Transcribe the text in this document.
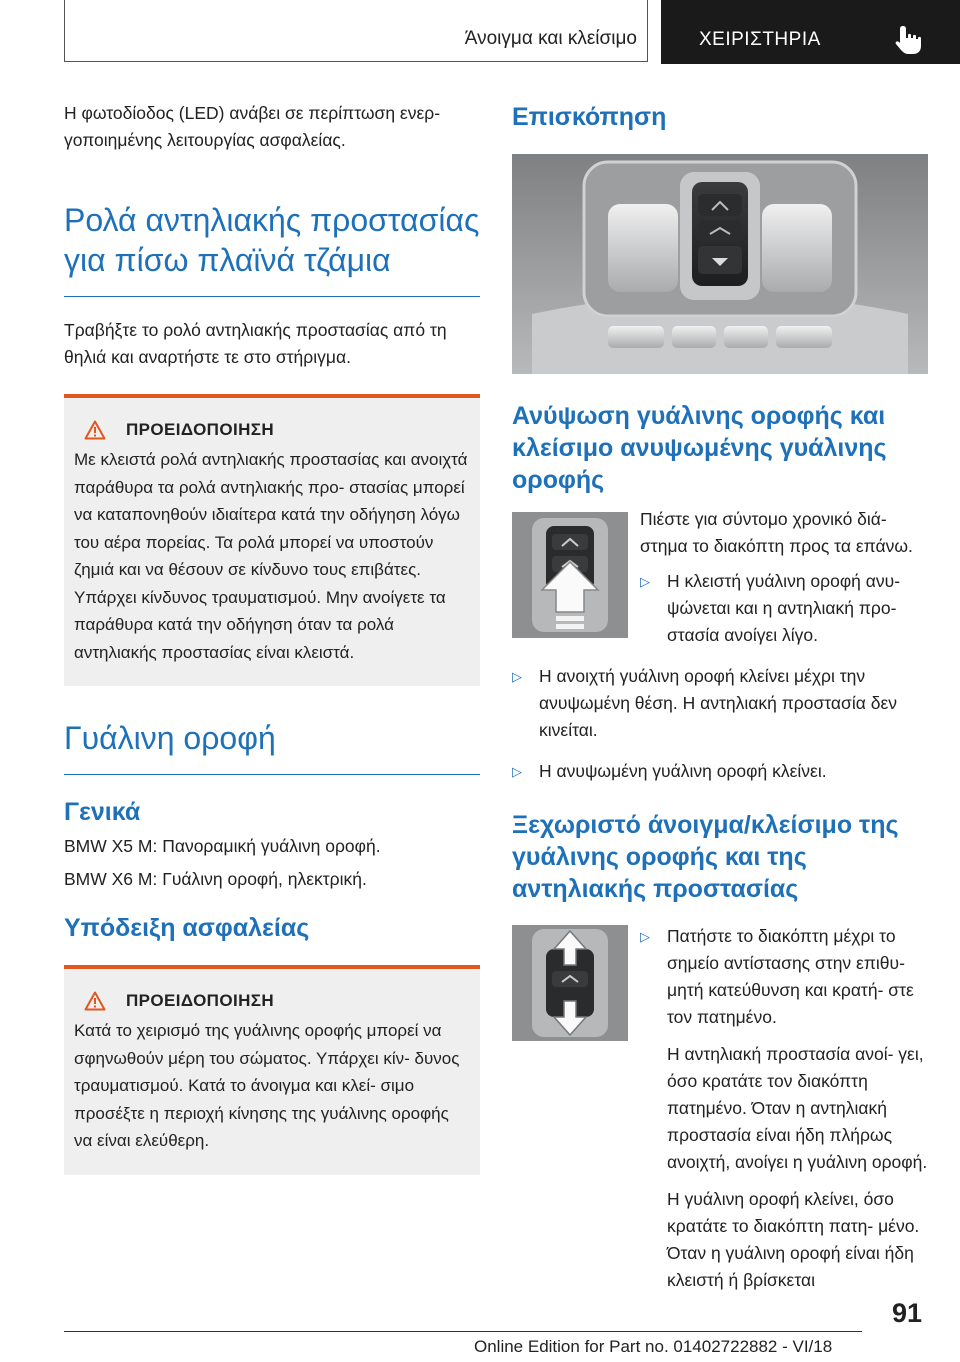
Άνοιγμα και κλείσιμο	ΧΕΙΡΙΣΤΗΡΙΑ

Η φωτοδίοδος (LED) ανάβει σε περίπτωση ενερ‐ γοποιημένης λειτουργίας ασφαλείας.

Ρολά αντηλιακής προστασίας για πίσω πλαϊνά τζάμια

Τραβήξτε το ρολό αντηλιακής προστασίας από τη θηλιά και αναρτήστε τε στο στήριγμα.

ΠΡΟΕΙΔΟΠΟΙΗΣΗ

Με κλειστά ρολά αντηλιακής προστασίας και ανοιχτά παράθυρα τα ρολά αντηλιακής προ‐ στασίας μπορεί να καταπονηθούν ιδιαίτερα κατά την οδήγηση λόγω του αέρα πορείας. Τα ρολά μπορεί να υποστούν ζημιά και να θέσουν σε κίνδυνο τους επιβάτες. Υπάρχει κίνδυνος τραυματισμού. Μην ανοίγετε τα παράθυρα κατά την οδήγηση όταν τα ρολά αντηλιακής προστασίας είναι κλειστά.

Γυάλινη οροφή
Γενικά

BMW X5 M: Πανοραμική γυάλινη οροφή.

BMW X6 M: Γυάλινη οροφή, ηλεκτρική.

Υπόδειξη ασφαλείας
ΠΡΟΕΙΔΟΠΟΙΗΣΗ

Κατά το χειρισμό της γυάλινης οροφής μπορεί να σφηνωθούν μέρη του σώματος. Υπάρχει κίν‐ δυνος τραυματισμού. Κατά το άνοιγμα και κλεί‐ σιμο προσέξτε η περιοχή κίνησης της γυάλινης οροφής να είναι ελεύθερη.

Επισκόπηση
Ανύψωση γυάλινης οροφής και κλείσιμο ανυψωμένης γυάλινης οροφής

Πιέστε για σύντομο χρονικό διά‐ στημα το διακόπτη προς τα επάνω.

▷ Η κλειστή γυάλινη οροφή ανυ‐ ψώνεται και η αντηλιακή προ‐ στασία ανοίγει λίγο.

▷ Η ανοιχτή γυάλινη οροφή κλείνει μέχρι την ανυψωμένη θέση. Η αντηλιακή προστασία δεν κινείται.

▷ Η ανυψωμένη γυάλινη οροφή κλείνει.

Ξεχωριστό άνοιγμα/κλείσιμο της γυάλινης οροφής και της αντηλιακής προστασίας
▷ Πατήστε το διακόπτη μέχρι το σημείο αντίστασης στην επιθυ‐ μητή κατεύθυνση και κρατή‐ στε τον πατημένο.

Η αντηλιακή προστασία ανοί‐ γει, όσο κρατάτε τον διακόπτη πατημένο. Όταν η αντηλιακή προστασία είναι ήδη πλήρως ανοιχτή, ανοίγει η γυάλινη οροφή.

Η γυάλινη οροφή κλείνει, όσο κρατάτε το διακόπτη πατη‐ μένο. Όταν η γυάλινη οροφή είναι ήδη κλειστή ή βρίσκεται

91
Online Edition for Part no. 01402722882 - VI/18
